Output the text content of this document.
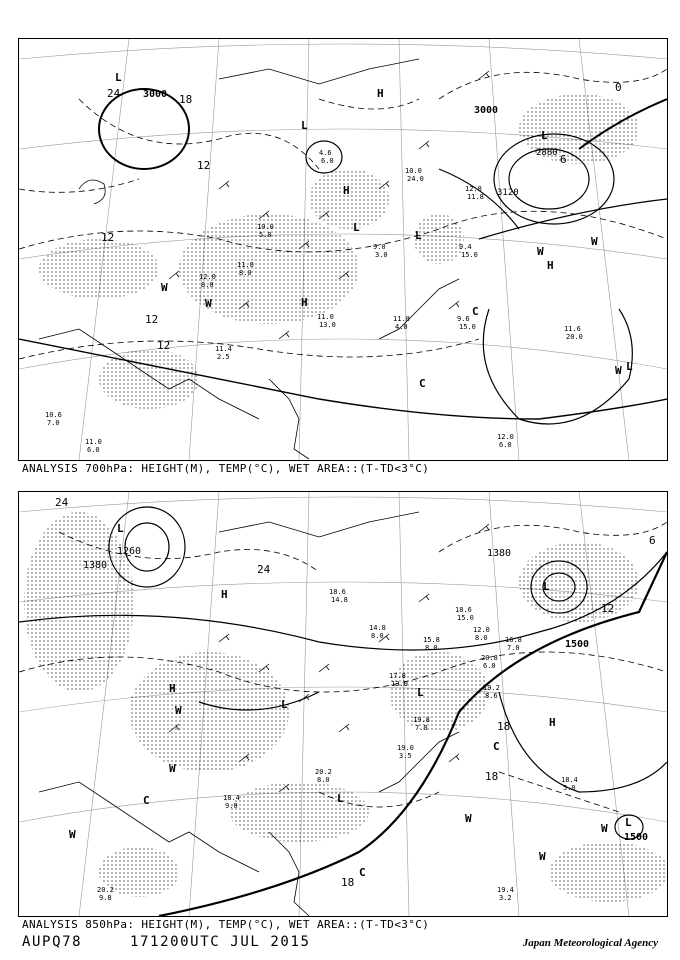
3000
3000
2880
3120
24	18
12
12
12
12
6
0
L
L
L
L
L
L
H
H
H
H
C
C
W
W
W
W
W
11.0
6.0
10.6
7.0
9.6
15.0	11.6
20.0
12.0
6.0
11.8
4.0
11.0
13.0
9.4
15.0
10.0
24.0
11.0
8.0
12.8
11.8
4.6
6.0
12.0
8.0
9.0
3.0
11.4
2.5
10.0
5.0
ANALYSIS 700hPa: HEIGHT(M), TEMP(°C), WET AREA::(T-TD<3°C)
1380
1380
1500
1500
1260
24
24
18
18
18
12
6
L
L
L
L
L
L
H
H
H
C
C
C
W
W
W
W
W
W
19.4
3.2
18.4
5.0
19.0
3.5
20.2
8.0
20.2
9.8
18.4
9.0
17.8
13.0
15.8
8.0
18.6
15.0
14.8
8.0	16.8
7.0
20.8
6.0
19.2
8.6
18.6
14.8
12.0
8.0
19.8
7.0
ANALYSIS 850hPa: HEIGHT(M), TEMP(°C), WET AREA::(T-TD<3°C)
AUPQ78	171200UTC JUL 2015	Japan Meteorological Agency
